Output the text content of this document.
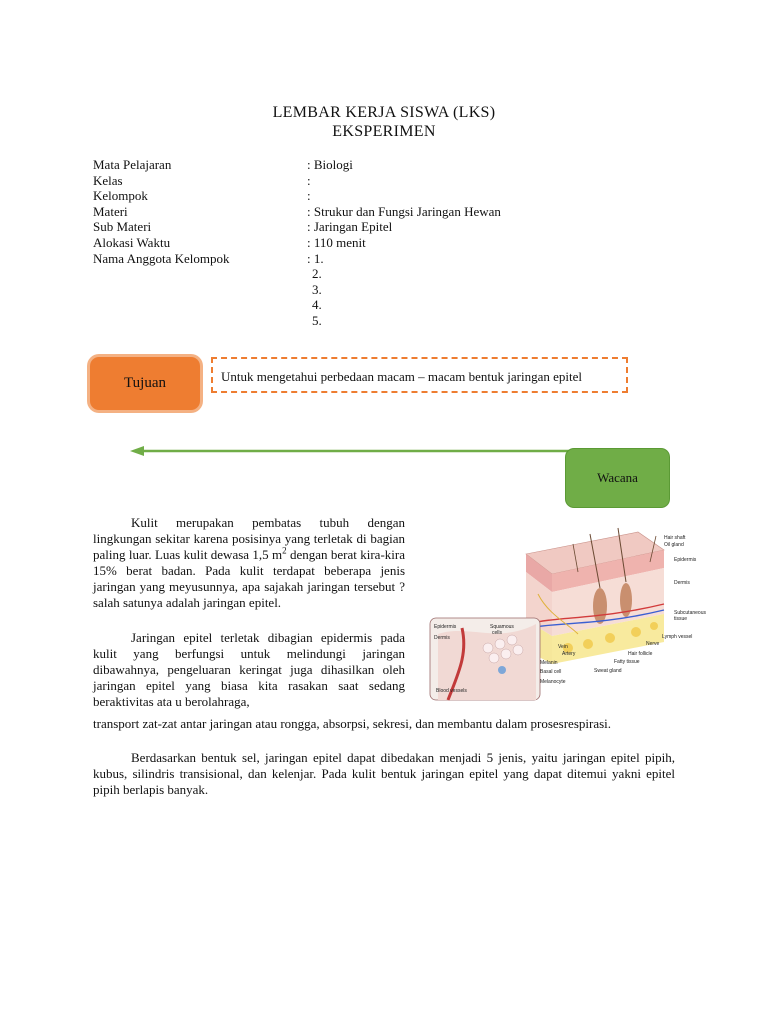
LEMBAR KERJA SISWA (LKS)
EKSPERIMEN
Mata Pelajaran	: Biologi
Kelas	:
Kelompok	:
Materi	: Strukur dan Fungsi Jaringan Hewan
Sub Materi	: Jaringan Epitel
Alokasi Waktu	: 110 menit
Nama Anggota Kelompok	: 1.
2.
3.
4.
5.
Tujuan	Untuk mengetahui perbedaan macam – macam bentuk jaringan epitel
Wacana
Kulit merupakan pembatas tubuh dengan lingkungan sekitar karena posisinya yang terletak di bagian paling luar. Luas kulit dewasa 1,5 $m^2$ dengan berat kira-kira 15% berat badan. Pada kulit terdapat beberapa jenis jaringan yang meyusunnya, apa sajakah jaringan tersebut ? salah satunya adalah jaringan epitel.
Jaringan epitel terletak dibagian epidermis pada kulit yang berfungsi untuk melindungi jaringan dibawahnya, pengeluaran keringat juga dihasilkan oleh jaringan epitel yang biasa kita rasakan saat sedang beraktivitas ata u berolahraga,
transport zat-zat antar jaringan atau rongga, absorpsi, sekresi, dan membantu dalam prosesrespirasi.
Berdasarkan bentuk sel, jaringan epitel dapat dibedakan menjadi 5 jenis, yaitu jaringan epitel pipih, kubus, silindris transisional, dan kelenjar. Pada kulit bentuk jaringan epitel yang dapat ditemui yakni epitel pipih berlapis banyak.
Hair shaft
Oil gland
Epidermis
Dermis
Subcutaneous
tissue
Lymph vessel
Nerve
Hair follicle
Fatty tissue
Sweat gland
Vein
Artery
Epidermis
Dermis
Squamous
cells
Melanin
Basal cell
Melanocyte
Blood vessels
